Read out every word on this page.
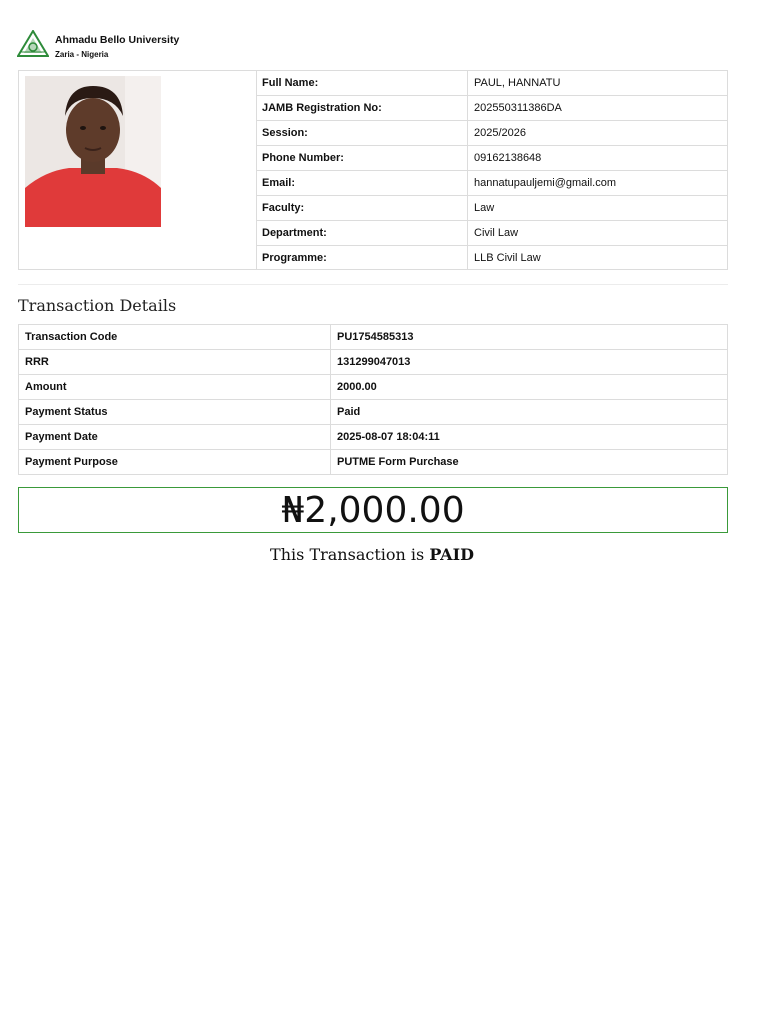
Ahmadu Bello University
Zaria - Nigeria
Full Name:	PAUL, HANNATU
JAMB Registration No:	202550311386DA
Session:	2025/2026
Phone Number:	09162138648
Email:	hannatupauljemi@gmail.com
Faculty:	Law
Department:	Civil Law
Programme:	LLB Civil Law
Transaction Details
Transaction Code	PU1754585313
RRR	131299047013
Amount	2000.00
Payment Status	Paid
Payment Date	2025-08-07 18:04:11
Payment Purpose	PUTME Form Purchase
₦2,000.00
This Transaction is PAID
